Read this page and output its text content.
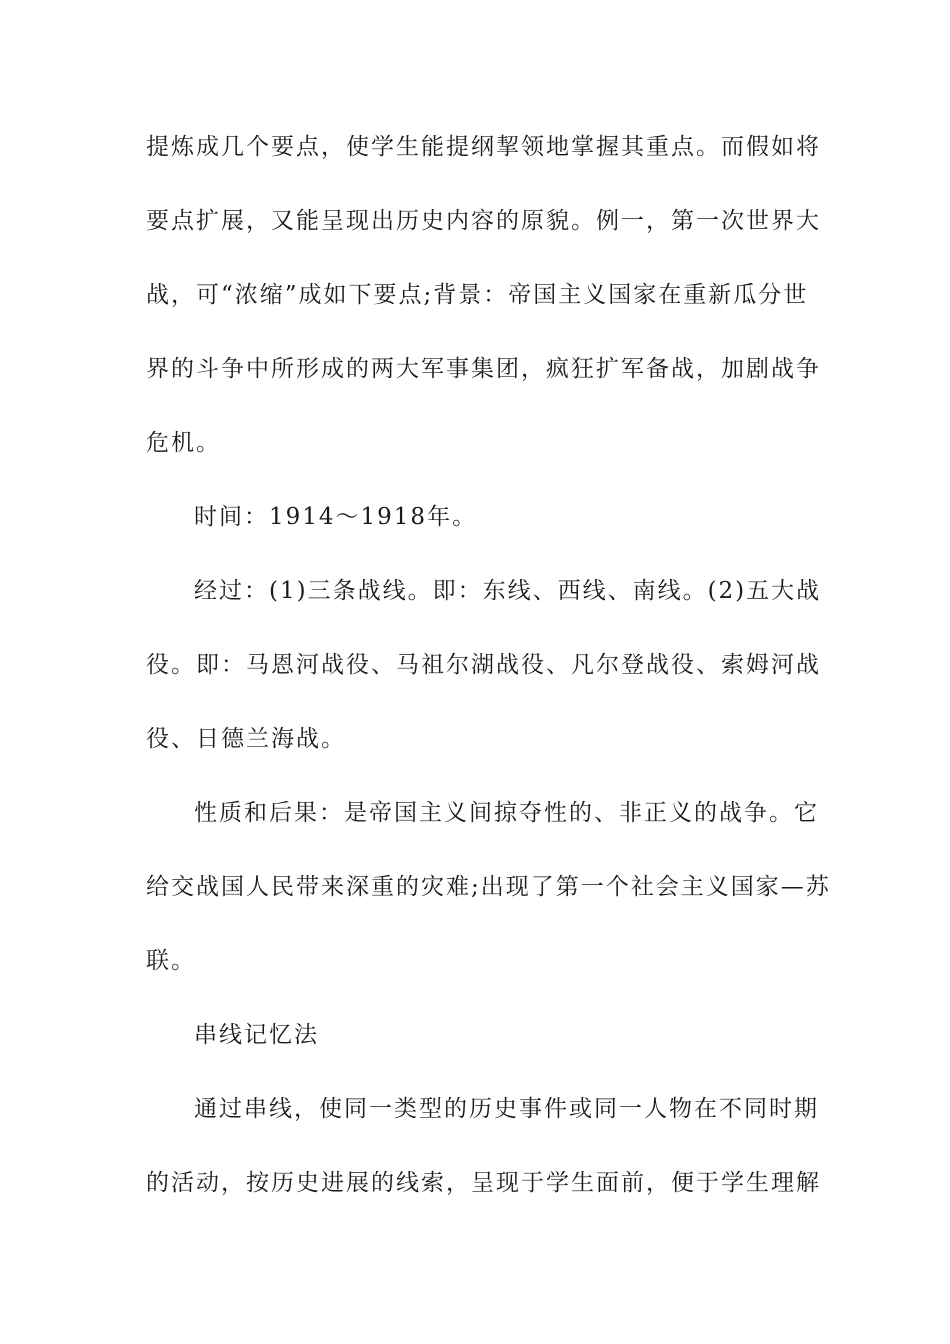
提炼成几个要点，使学生能提纲挈领地掌握其重点。而假如将
要点扩展，又能呈现出历史内容的原貌。例一，第一次世界大
战，可“浓缩”成如下要点;背景：帝国主义国家在重新瓜分世
界的斗争中所形成的两大军事集团，疯狂扩军备战，加剧战争
危机。
时间：1914～1918年。
经过：(1)三条战线。即：东线、西线、南线。(2)五大战
役。即：马恩河战役、马祖尔湖战役、凡尔登战役、索姆河战
役、日德兰海战。
性质和后果：是帝国主义间掠夺性的、非正义的战争。它
给交战国人民带来深重的灾难;出现了第一个社会主义国家—苏
联。
串线记忆法
通过串线，使同一类型的历史事件或同一人物在不同时期
的活动，按历史进展的线索，呈现于学生面前，便于学生理解
